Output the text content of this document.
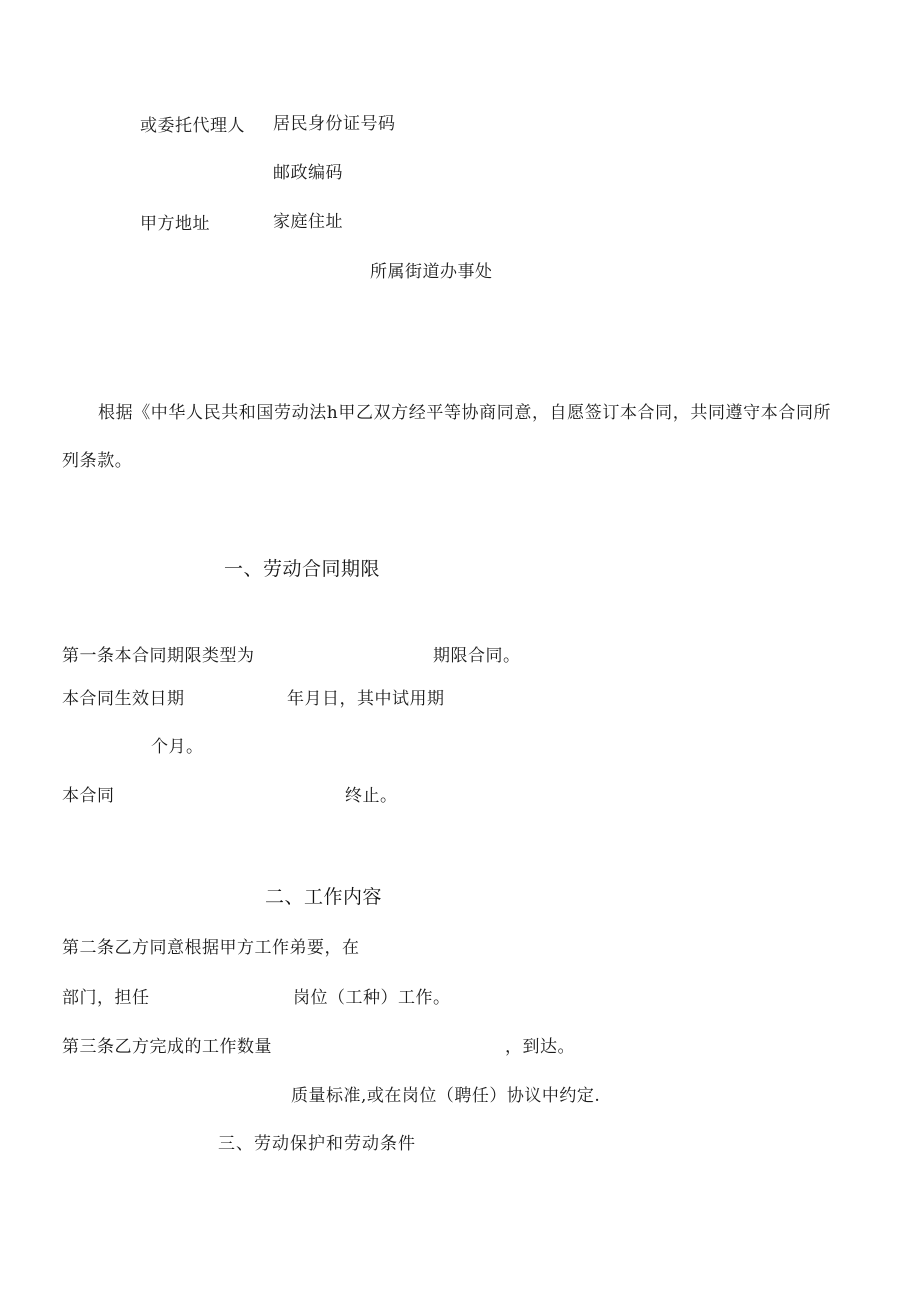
或委托代理人 居民身份证号码
邮政编码
甲方地址	家庭住址
所属街道办事处
根据《中华人民共和国劳动法h甲乙双方经平等协商同意，自愿签订本合同，共同遵守本合同所列条款。
一、劳动合同期限
第一条本合同期限类型为	期限合同。
本合同生效日期	年月日，其中试用期
个月。
本合同	终止。
二、工作内容
第二条乙方同意根据甲方工作弟要，在
部门，担任	岗位（工种）工作。
第三条乙方完成的工作数量	，到达。
质量标准,或在岗位（聘任）协议中约定.
三、劳动保护和劳动条件
